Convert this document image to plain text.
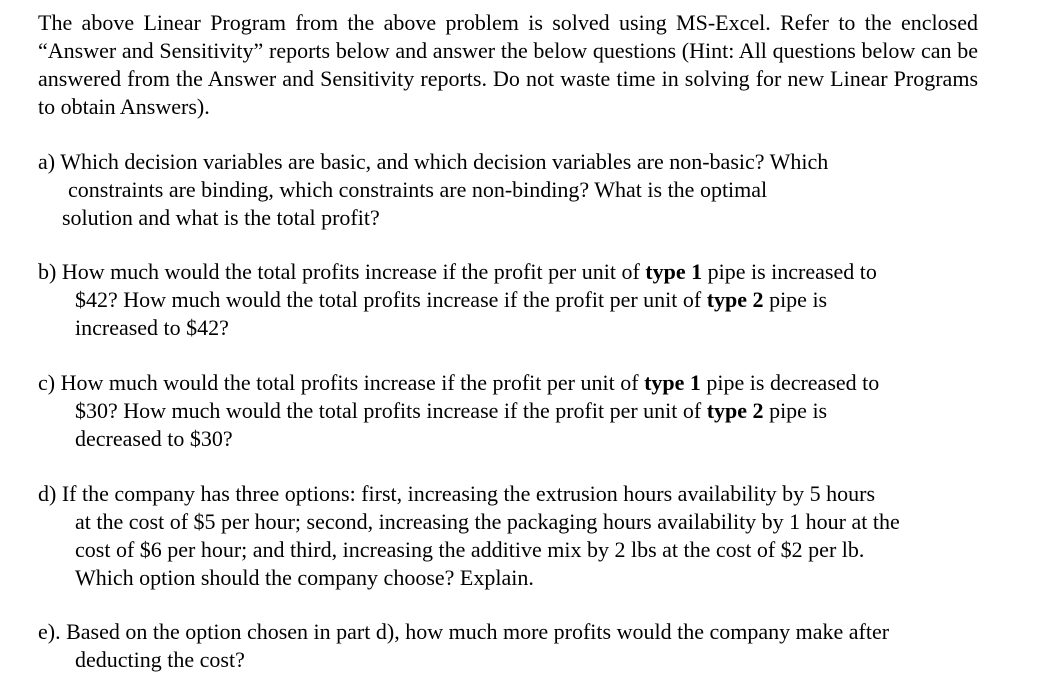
The above Linear Program from the above problem is solved using MS-Excel. Refer to the enclosed “Answer and Sensitivity” reports below and answer the below questions (Hint: All questions below can be answered from the Answer and Sensitivity reports. Do not waste time in solving for new Linear Programs to obtain Answers).

a) Which decision variables are basic, and which decision variables are non-basic? Which
constraints are binding, which constraints are non-binding? What is the optimal
solution and what is the total profit?
b) How much would the total profits increase if the profit per unit of type 1 pipe is increased to
$42? How much would the total profits increase if the profit per unit of type 2 pipe is
increased to $42?
c) How much would the total profits increase if the profit per unit of type 1 pipe is decreased to
$30? How much would the total profits increase if the profit per unit of type 2 pipe is
decreased to $30?
d) If the company has three options: first, increasing the extrusion hours availability by 5 hours
at the cost of $5 per hour; second, increasing the packaging hours availability by 1 hour at the
cost of $6 per hour; and third, increasing the additive mix by 2 lbs at the cost of $2 per lb.
Which option should the company choose? Explain.
e). Based on the option chosen in part d), how much more profits would the company make after
deducting the cost?
